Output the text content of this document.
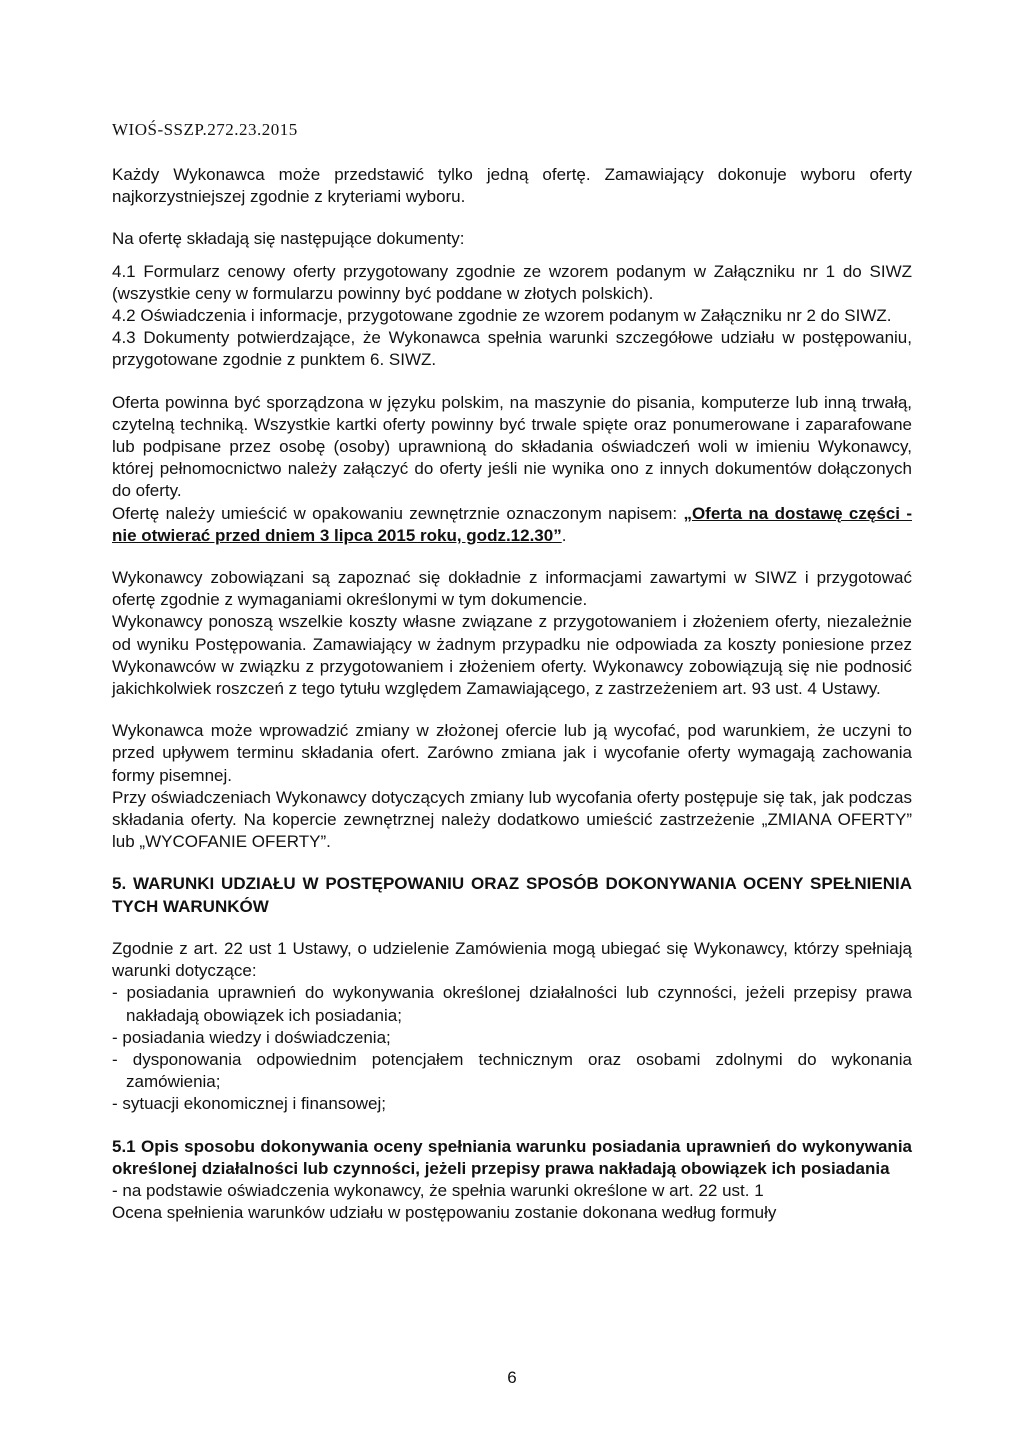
WIOŚ-SSZP.272.23.2015

Każdy Wykonawca może przedstawić tylko jedną ofertę. Zamawiający dokonuje wyboru oferty najkorzystniejszej zgodnie z kryteriami wyboru.

Na ofertę składają się następujące dokumenty:

4.1 Formularz cenowy oferty przygotowany zgodnie ze wzorem podanym w Załączniku nr 1 do SIWZ (wszystkie ceny w formularzu powinny być poddane w złotych polskich).

4.2 Oświadczenia i informacje, przygotowane zgodnie ze wzorem podanym w Załączniku nr 2 do SIWZ.

4.3 Dokumenty potwierdzające, że Wykonawca spełnia warunki szczegółowe udziału w postępowaniu, przygotowane zgodnie z punktem 6. SIWZ.

Oferta powinna być sporządzona w języku polskim, na maszynie do pisania, komputerze lub inną trwałą, czytelną techniką. Wszystkie kartki oferty powinny być trwale spięte oraz ponumerowane i zaparafowane lub podpisane przez osobę (osoby) uprawnioną do składania oświadczeń woli w imieniu Wykonawcy, której pełnomocnictwo należy załączyć do oferty jeśli nie wynika ono z innych dokumentów dołączonych do oferty.

Ofertę należy umieścić w opakowaniu zewnętrznie oznaczonym napisem: „Oferta na dostawę części - nie otwierać przed dniem 3 lipca 2015 roku, godz.12.30”.

Wykonawcy zobowiązani są zapoznać się dokładnie z informacjami zawartymi w SIWZ i przygotować ofertę zgodnie z wymaganiami określonymi w tym dokumencie.

Wykonawcy ponoszą wszelkie koszty własne związane z przygotowaniem i złożeniem oferty, niezależnie od wyniku Postępowania. Zamawiający w żadnym przypadku nie odpowiada za koszty poniesione przez Wykonawców w związku z przygotowaniem i złożeniem oferty. Wykonawcy zobowiązują się nie podnosić jakichkolwiek roszczeń z tego tytułu względem Zamawiającego, z zastrzeżeniem art. 93 ust. 4 Ustawy.

Wykonawca może wprowadzić zmiany w złożonej ofercie lub ją wycofać, pod warunkiem, że uczyni to przed upływem terminu składania ofert. Zarówno zmiana jak i wycofanie oferty wymagają zachowania formy pisemnej.

Przy oświadczeniach Wykonawcy dotyczących zmiany lub wycofania oferty postępuje się tak, jak podczas składania oferty. Na kopercie zewnętrznej należy dodatkowo umieścić zastrzeżenie „ZMIANA OFERTY” lub „WYCOFANIE OFERTY”.

5. WARUNKI UDZIAŁU W POSTĘPOWANIU ORAZ SPOSÓB DOKONYWANIA OCENY SPEŁNIENIA TYCH WARUNKÓW

Zgodnie z art. 22 ust 1 Ustawy, o udzielenie Zamówienia mogą ubiegać się Wykonawcy, którzy spełniają warunki dotyczące:

- posiadania uprawnień do wykonywania określonej działalności lub czynności, jeżeli przepisy prawa nakładają obowiązek ich posiadania;

- posiadania wiedzy i doświadczenia;

- dysponowania odpowiednim potencjałem technicznym oraz osobami zdolnymi do wykonania zamówienia;

- sytuacji ekonomicznej i finansowej;

5.1 Opis sposobu dokonywania oceny spełniania warunku posiadania uprawnień do wykonywania określonej działalności lub czynności, jeżeli przepisy prawa nakładają obowiązek ich posiadania

- na podstawie oświadczenia wykonawcy, że spełnia warunki określone w art. 22 ust. 1

Ocena spełnienia warunków udziału w postępowaniu zostanie dokonana według formuły

6
